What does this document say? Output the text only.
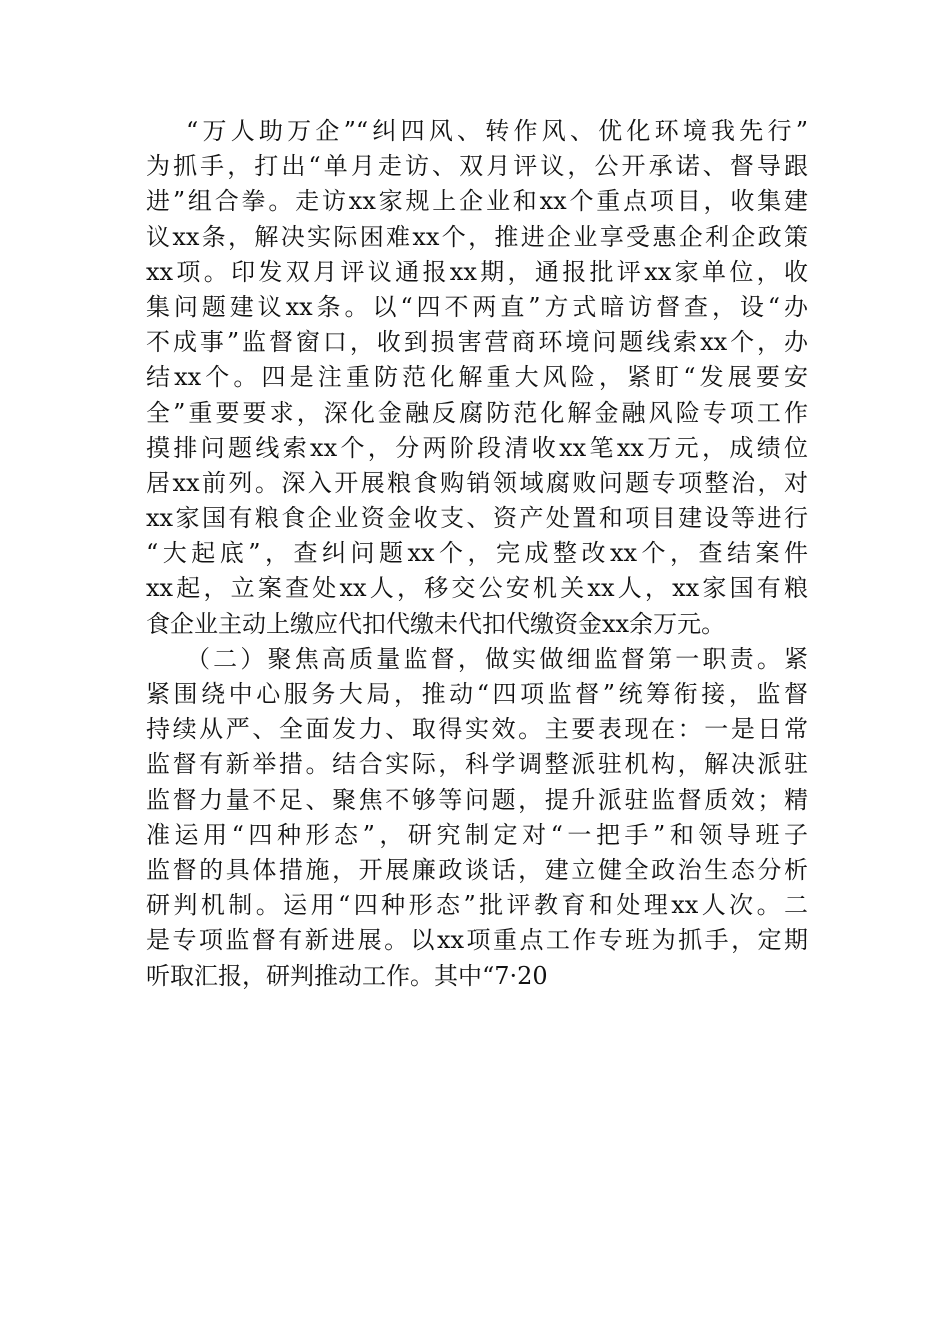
“万人助万企”“纠四风、转作风、优化环境我先行”
为抓手，打出“单月走访、双月评议，公开承诺、督导跟
进”组合拳。走访xx家规上企业和xx个重点项目，收集建
议xx条，解决实际困难xx个，推进企业享受惠企利企政策
xx项。印发双月评议通报xx期，通报批评xx家单位，收
集问题建议xx条。以“四不两直”方式暗访督查，设“办
不成事”监督窗口，收到损害营商环境问题线索xx个，办
结xx个。四是注重防范化解重大风险，紧盯“发展要安
全”重要要求，深化金融反腐防范化解金融风险专项工作
摸排问题线索xx个，分两阶段清收xx笔xx万元，成绩位
居xx前列。深入开展粮食购销领域腐败问题专项整治，对
xx家国有粮食企业资金收支、资产处置和项目建设等进行
“大起底”，查纠问题xx个，完成整改xx个，查结案件
xx起，立案查处xx人，移交公安机关xx人，xx家国有粮
食企业主动上缴应代扣代缴未代扣代缴资金xx余万元。
（二）聚焦高质量监督，做实做细监督第一职责。紧
紧围绕中心服务大局，推动“四项监督”统筹衔接，监督
持续从严、全面发力、取得实效。主要表现在：一是日常
监督有新举措。结合实际，科学调整派驻机构，解决派驻
监督力量不足、聚焦不够等问题，提升派驻监督质效；精
准运用“四种形态”，研究制定对“一把手”和领导班子
监督的具体措施，开展廉政谈话，建立健全政治生态分析
研判机制。运用“四种形态”批评教育和处理xx人次。二
是专项监督有新进展。以xx项重点工作专班为抓手，定期
听取汇报，研判推动工作。其中“7·20
